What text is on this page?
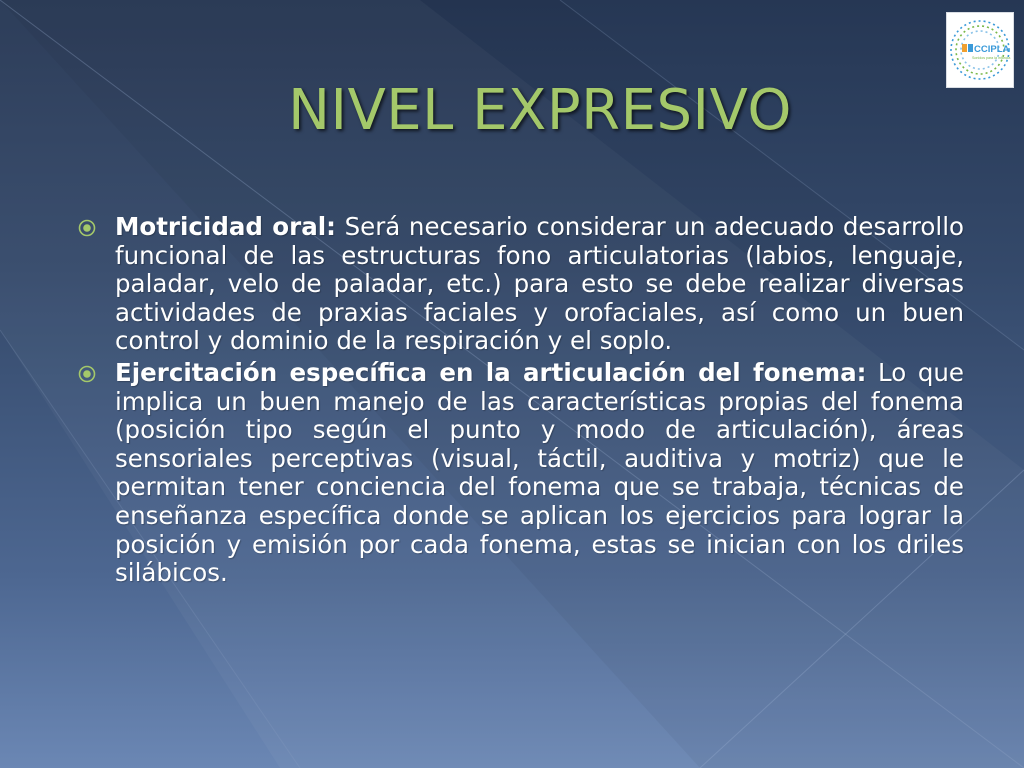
CCIPLA
Sonidos para la infancia
NIVEL EXPRESIVO
Motricidad oral: Será necesario considerar un adecuado desarrollo funcional de las estructuras fono articulatorias (labios, lenguaje, paladar, velo de paladar, etc.) para esto se debe realizar diversas actividades de praxias faciales y orofaciales, así como un buen control y dominio de la respiración y el soplo.
Ejercitación específica en la articulación del fonema: Lo que implica un buen manejo de las características propias del fonema (posición tipo según el punto y modo de articulación), áreas sensoriales perceptivas (visual, táctil, auditiva y motriz) que le permitan tener conciencia del fonema que se trabaja, técnicas de enseñanza específica donde se aplican los ejercicios para lograr la posición y emisión por cada fonema, estas se inician con los driles silábicos.
